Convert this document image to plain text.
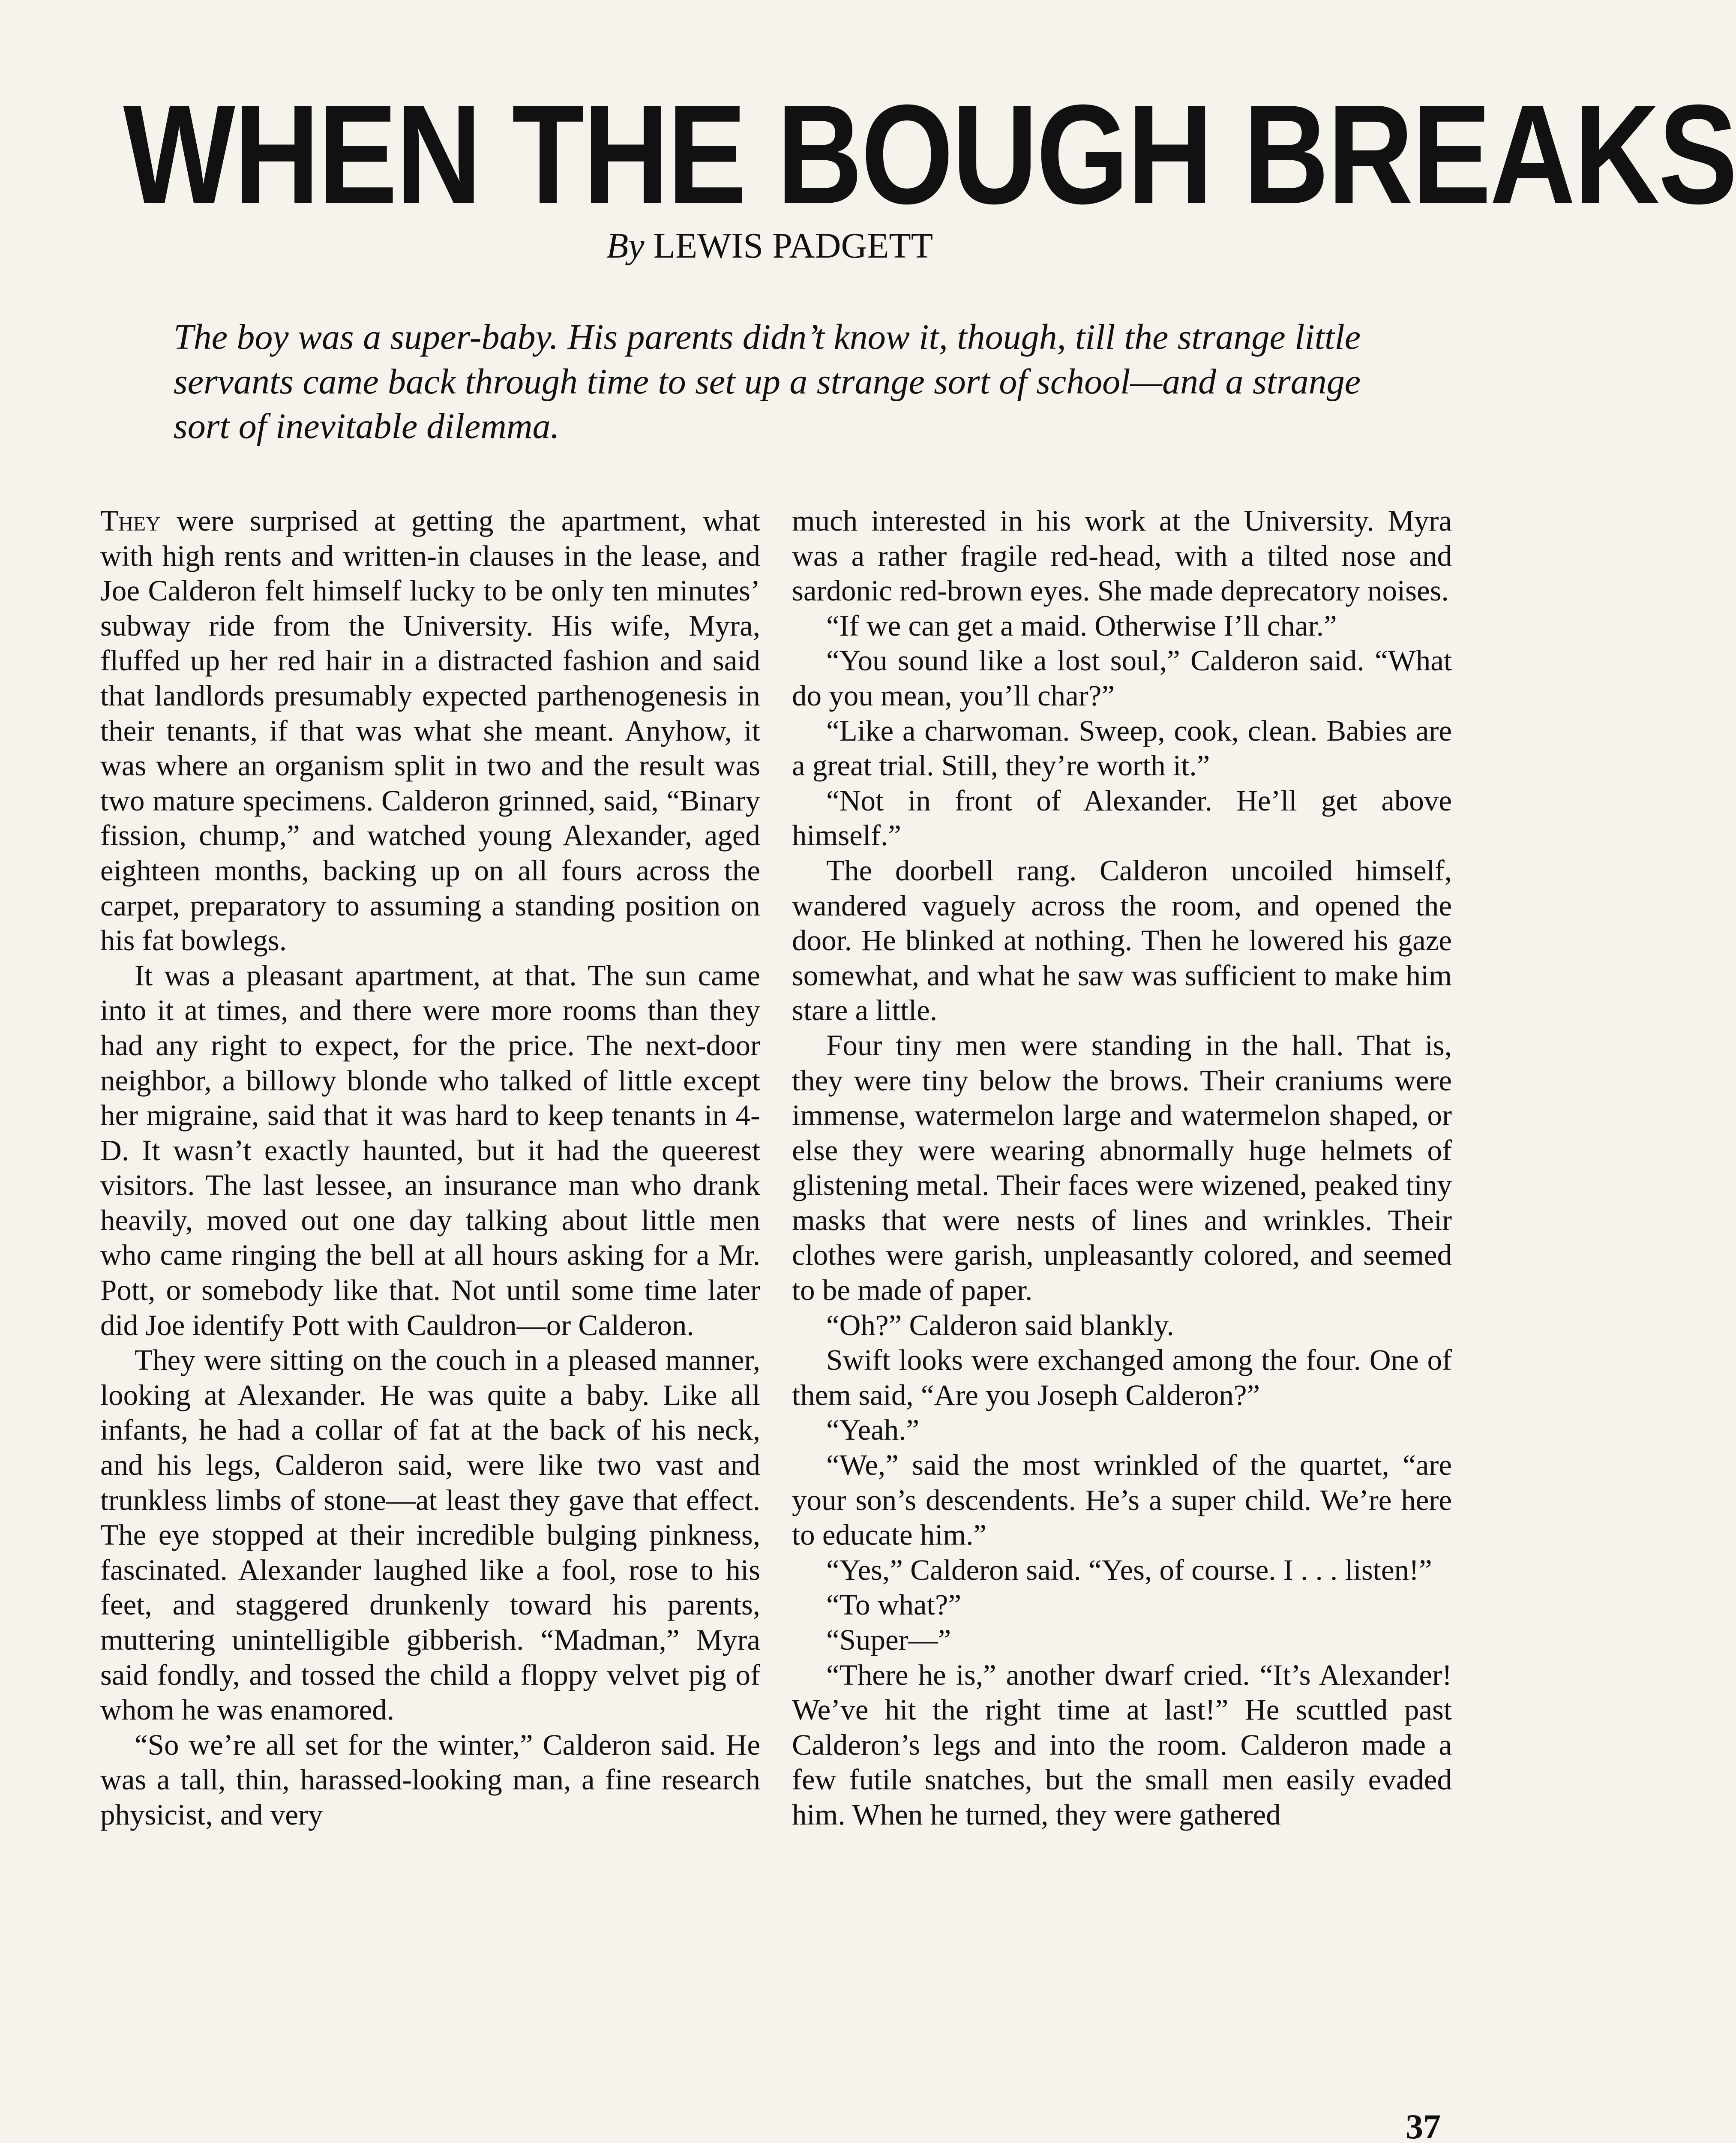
WHEN THE BOUGH BREAKS
By LEWIS PADGETT
The boy was a super-baby. His parents didn’t know it, though, till the strange little servants came back through time to set up a strange sort of school—and a strange sort of inevitable dilemma.

They were surprised at getting the apartment, what with high rents and written-in clauses in the lease, and Joe Calderon felt himself lucky to be only ten minutes’ subway ride from the University. His wife, Myra, fluffed up her red hair in a distracted fashion and said that landlords presumably expected parthenogenesis in their tenants, if that was what she meant. Anyhow, it was where an organism split in two and the result was two mature specimens. Calderon grinned, said, “Binary fission, chump,” and watched young Alexander, aged eighteen months, backing up on all fours across the carpet, preparatory to assuming a standing position on his fat bowlegs.

It was a pleasant apartment, at that. The sun came into it at times, and there were more rooms than they had any right to expect, for the price. The next-door neighbor, a billowy blonde who talked of little except her migraine, said that it was hard to keep tenants in 4-D. It wasn’t exactly haunted, but it had the queerest visitors. The last lessee, an insurance man who drank heavily, moved out one day talking about little men who came ringing the bell at all hours asking for a Mr. Pott, or somebody like that. Not until some time later did Joe identify Pott with Cauldron—or Calderon.

They were sitting on the couch in a pleased manner, looking at Alexander. He was quite a baby. Like all infants, he had a collar of fat at the back of his neck, and his legs, Calderon said, were like two vast and trunkless limbs of stone—at least they gave that effect. The eye stopped at their incredible bulging pinkness, fascinated. Alexander laughed like a fool, rose to his feet, and staggered drunkenly toward his parents, muttering unintelligible gibberish. “Madman,” Myra said fondly, and tossed the child a floppy velvet pig of whom he was enamored.

“So we’re all set for the winter,” Calderon said. He was a tall, thin, harassed-looking man, a fine research physicist, and very

much interested in his work at the University. Myra was a rather fragile red-head, with a tilted nose and sardonic red-brown eyes. She made deprecatory noises.

“If we can get a maid. Otherwise I’ll char.”

“You sound like a lost soul,” Calderon said. “What do you mean, you’ll char?”

“Like a charwoman. Sweep, cook, clean. Babies are a great trial. Still, they’re worth it.”

“Not in front of Alexander. He’ll get above himself.”

The doorbell rang. Calderon uncoiled himself, wandered vaguely across the room, and opened the door. He blinked at nothing. Then he lowered his gaze somewhat, and what he saw was sufficient to make him stare a little.

Four tiny men were standing in the hall. That is, they were tiny below the brows. Their craniums were immense, watermelon large and watermelon shaped, or else they were wearing abnormally huge helmets of glistening metal. Their faces were wizened, peaked tiny masks that were nests of lines and wrinkles. Their clothes were garish, unpleasantly colored, and seemed to be made of paper.

“Oh?” Calderon said blankly.

Swift looks were exchanged among the four. One of them said, “Are you Joseph Calderon?”

“Yeah.”

“We,” said the most wrinkled of the quartet, “are your son’s descendents. He’s a super child. We’re here to educate him.”

“Yes,” Calderon said. “Yes, of course. I . . . listen!”

“To what?”

“Super—”

“There he is,” another dwarf cried. “It’s Alexander! We’ve hit the right time at last!” He scuttled past Calderon’s legs and into the room. Calderon made a few futile snatches, but the small men easily evaded him. When he turned, they were gathered

37
